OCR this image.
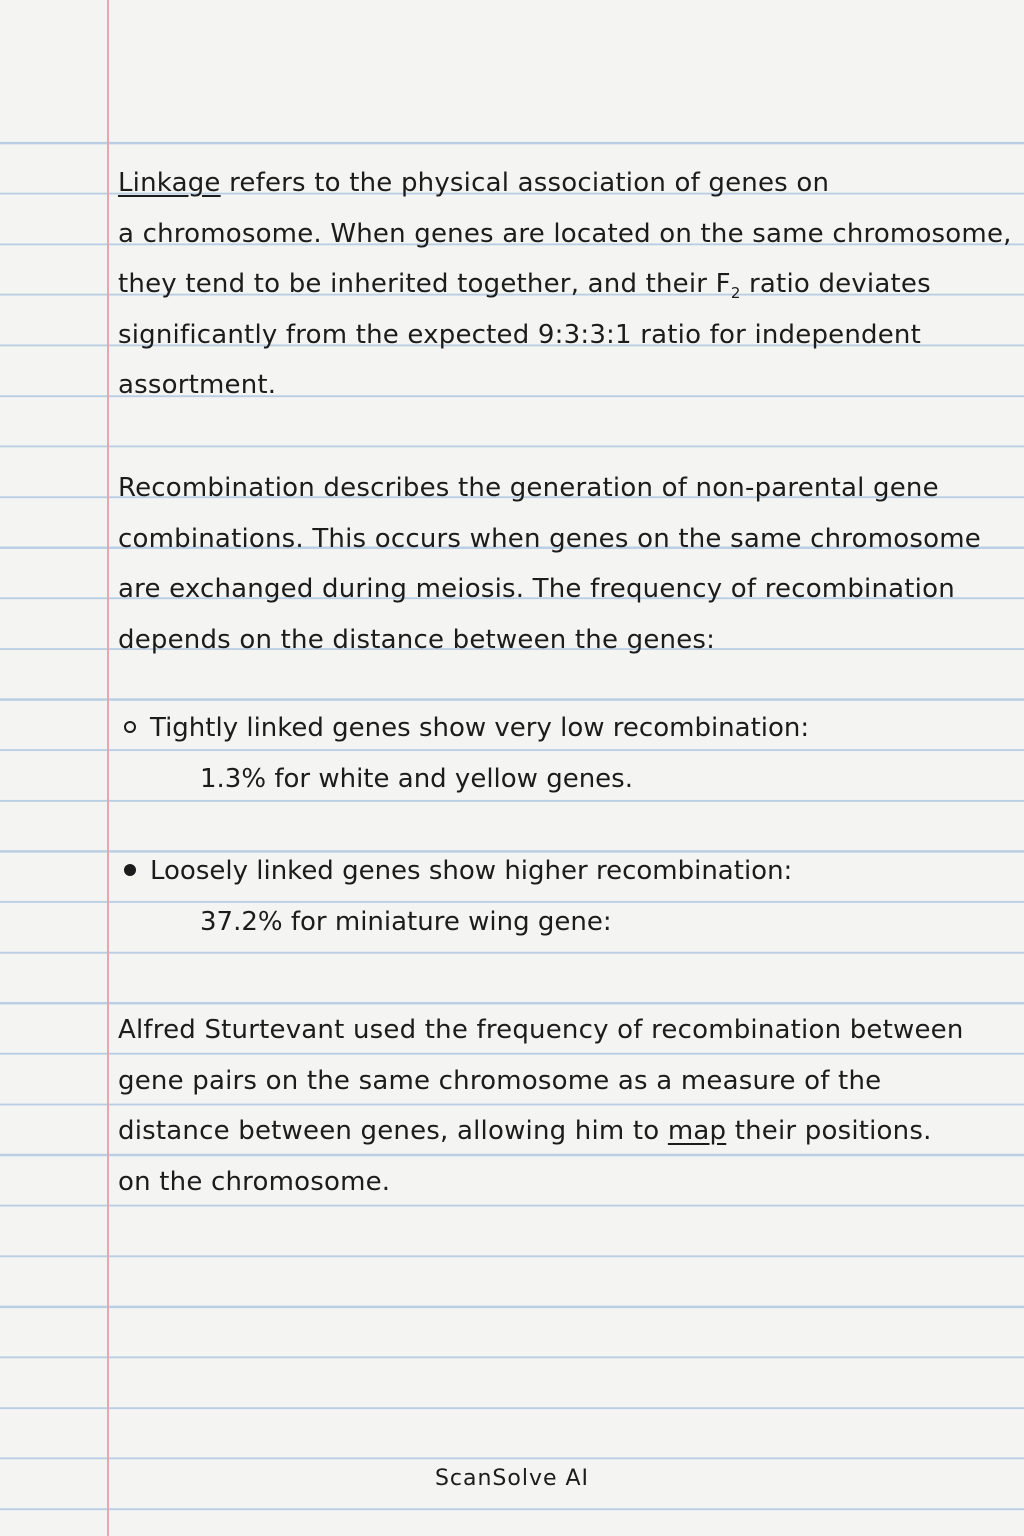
Linkage refers to the physical association of genes on

a chromosome. When genes are located on the same chromosome,

they tend to be inherited together, and their $F_2$ ratio deviates

significantly from the expected 9:3:3:1 ratio for independent

assortment.

Recombination describes the generation of non-parental gene

combinations. This occurs when genes on the same chromosome

are exchanged during meiosis. The frequency of recombination

depends on the distance between the genes:

Tightly linked genes show very low recombination:

1.3% for white and yellow genes.

Loosely linked genes show higher recombination:

37.2% for miniature wing gene:

Alfred Sturtevant used the frequency of recombination between

gene pairs on the same chromosome as a measure of the

distance between genes, allowing him to map their positions.

on the chromosome.

ScanSolve AI
